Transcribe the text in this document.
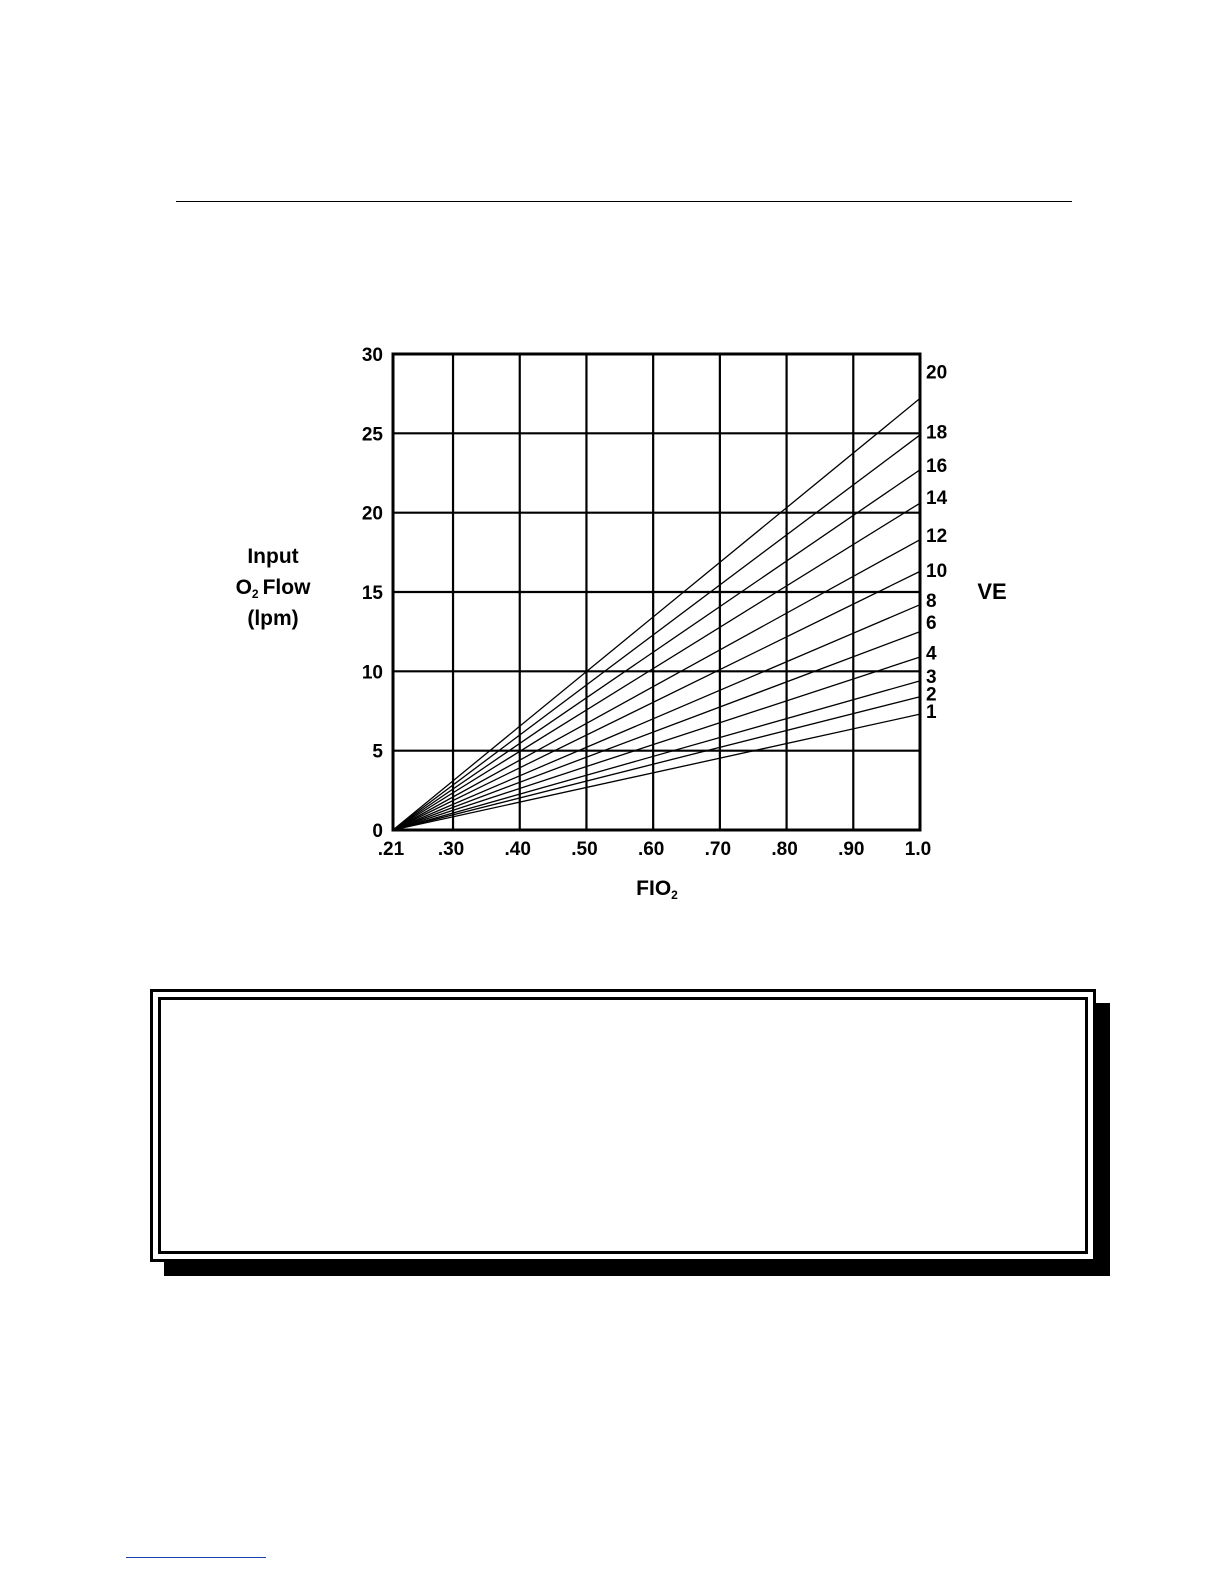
0
5
10
15
20
25
30
.21 .30 .40 .50 .60 .70 .80 .90 1.0
20
18
16
14
12
10
8
6
4
3
2
1
Input
O2 Flow
(lpm)
VE
FIO2
